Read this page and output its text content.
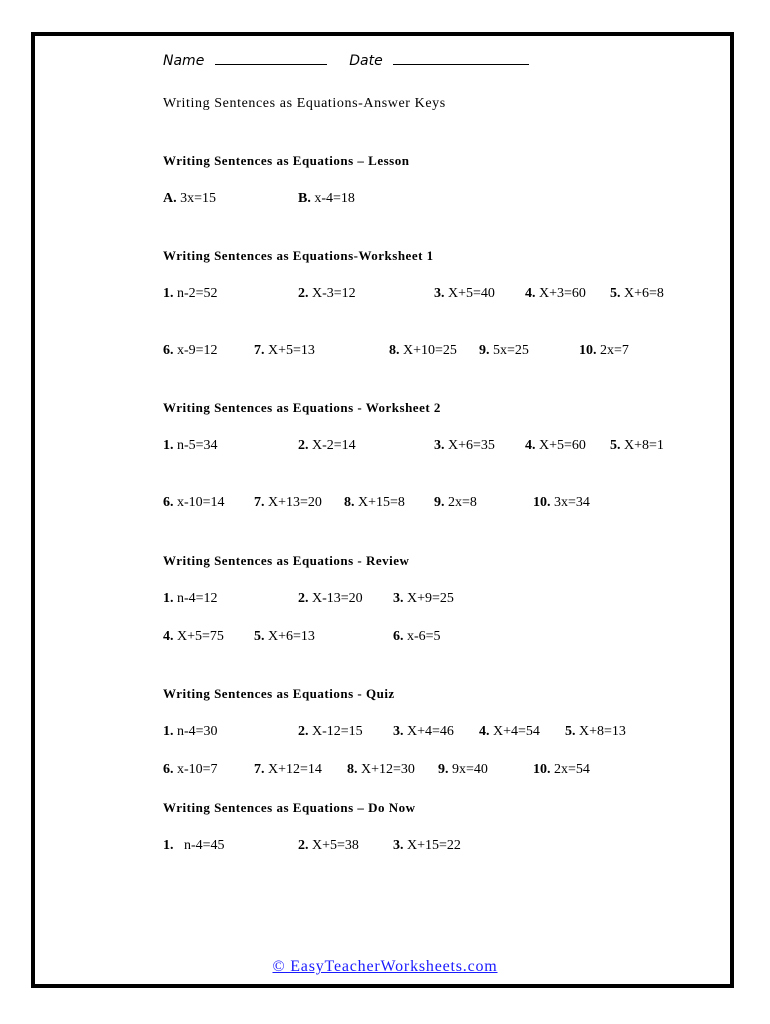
Name	Date
Writing Sentences as Equations-Answer Keys
Writing Sentences as Equations – Lesson
A. 3x=15	B. x-4=18
Writing Sentences as Equations-Worksheet 1
1. n-2=52	2. X-3=12	3. X+5=40 4. X+3=60 5. X+6=8
6. x-9=12	7. X+5=13	8. X+10=25 9. 5x=25	10. 2x=7
Writing Sentences as Equations - Worksheet 2
1. n-5=34	2. X-2=14	3. X+6=35 4. X+5=60 5. X+8=1
6. x-10=14 7. X+13=20 8. X+15=8 9. 2x=8	10. 3x=34
Writing Sentences as Equations - Review
1. n-4=12	2. X-13=20 3. X+9=25
4. X+5=75 5. X+6=13	6. x-6=5
Writing Sentences as Equations - Quiz
1. n-4=30	2. X-12=15 3. X+4=46 4. X+4=54 5. X+8=13
6. x-10=7	7. X+12=14 8. X+12=30 9. 9x=40	10. 2x=54
Writing Sentences as Equations – Do Now
1. n-4=45	2. X+5=38 3. X+15=22
© EasyTeacherWorksheets.com
